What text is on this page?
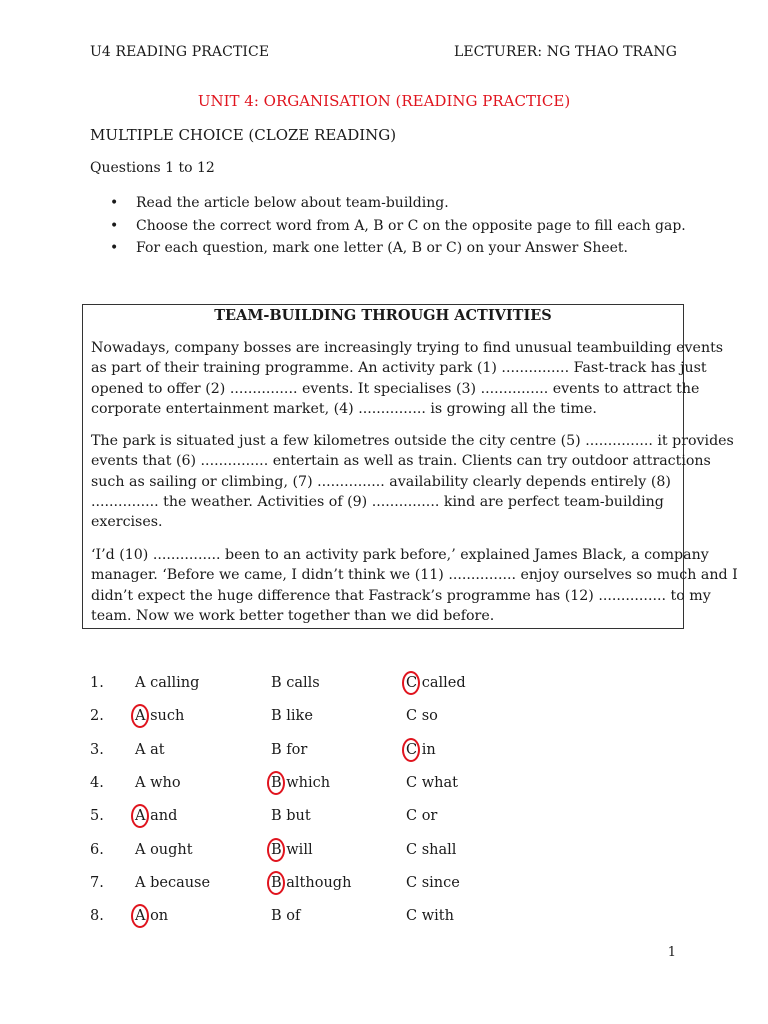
U4 READING PRACTICE	LECTURER: NG THAO TRANG
UNIT 4: ORGANISATION (READING PRACTICE)
MULTIPLE CHOICE (CLOZE READING)
Questions 1 to 12
• Read the article below about team-building.
• Choose the correct word from A, B or C on the opposite page to fill each gap.
• For each question, mark one letter (A, B or C) on your Answer Sheet.
TEAM-BUILDING THROUGH ACTIVITIES
Nowadays, company bosses are increasingly trying to find unusual teambuilding events
as part of their training programme. An activity park (1) ............... Fast-track has just
opened to offer (2) ............... events. It specialises (3) ............... events to attract the
corporate entertainment market, (4) ............... is growing all the time.
The park is situated just a few kilometres outside the city centre (5) ............... it provides
events that (6) ............... entertain as well as train. Clients can try outdoor attractions
such as sailing or climbing, (7) ............... availability clearly depends entirely (8)
............... the weather. Activities of (9) ............... kind are perfect team-building
exercises.
‘I’d (10) ............... been to an activity park before,’ explained James Black, a company
manager. ‘Before we came, I didn’t think we (11) ............... enjoy ourselves so much and I
didn’t expect the huge difference that Fastrack’s programme has (12) ............... to my
team. Now we work better together than we did before.
1. A calling	B calls	C called
2. A such	B like	C so
3. A at	B for	C in
4. A who	B which	C what
5. A and	B but	C or
6. A ought	B will	C shall
7. A because	B although	C since
8. A on	B of	C with
1
